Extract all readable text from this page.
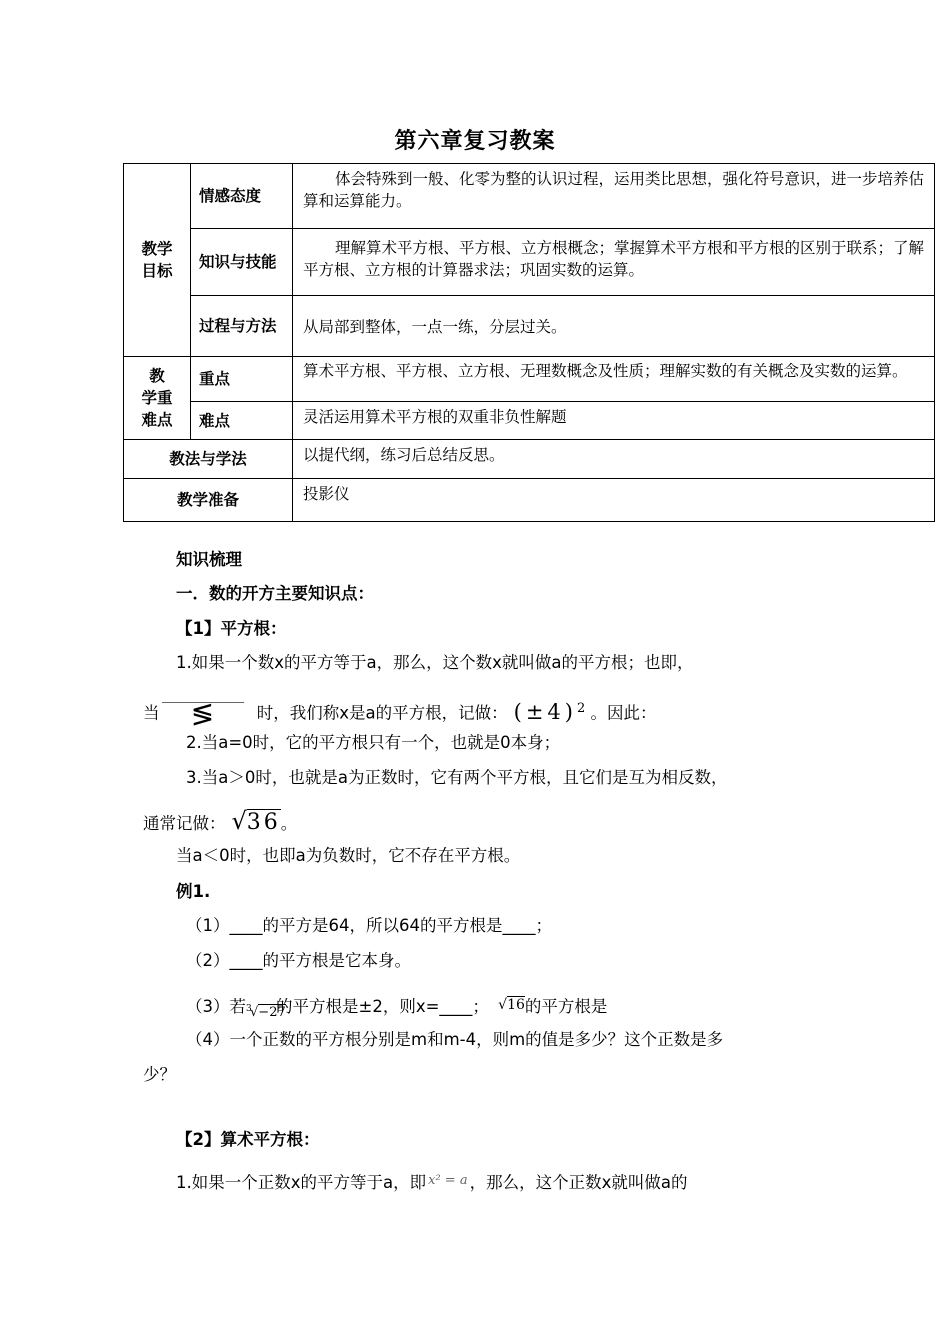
第六章复习教案
教学
目标	情感态度	体会特殊到一般、化零为整的认识过程，运用类比思想，强化符号意识，进一步培养估算和运算能力。
	知识与技能	理解算术平方根、平方根、立方根概念；掌握算术平方根和平方根的区别于联系；了解平方根、立方根的计算器求法；巩固实数的运算。
	过程与方法	从局部到整体，一点一练，分层过关。

教
学重
难点	重点	算术平方根、平方根、立方根、无理数概念及性质；理解实数的有关概念及实数的运算。
	难点	灵活运用算术平方根的双重非负性解题
教法与学法		以提代纲，练习后总结反思。
教学准备		投影仪
知识梳理
一．数的开方主要知识点：
【1】平方根：
1.如果一个数x的平方等于a，那么，这个数x就叫做a的平方根；也即，
当 ≶	时，我们称x是a的平方根，记做： $(\pm 4)^2$ 。因此：
2.当a=0时，它的平方根只有一个，也就是0本身；
3.当a＞0时，也就是a为正数时，它有两个平方根，且它们是互为相反数，
通常记做： √36。
当a＜0时，也即a为负数时，它不存在平方根。
例1.
（1）____的平方是64，所以64的平方根是____；
（2）____的平方根是它本身。
（3）若 3
√−27
的平方根是±2，则x=____； √16的平方根是
（4）一个正数的平方根分别是m和m-4，则m的值是多少？这个正数是多
少？
【2】算术平方根：
1.如果一个正数x的平方等于a，即 $^{x^2 = a}$ ，那么，这个正数x就叫做a的
